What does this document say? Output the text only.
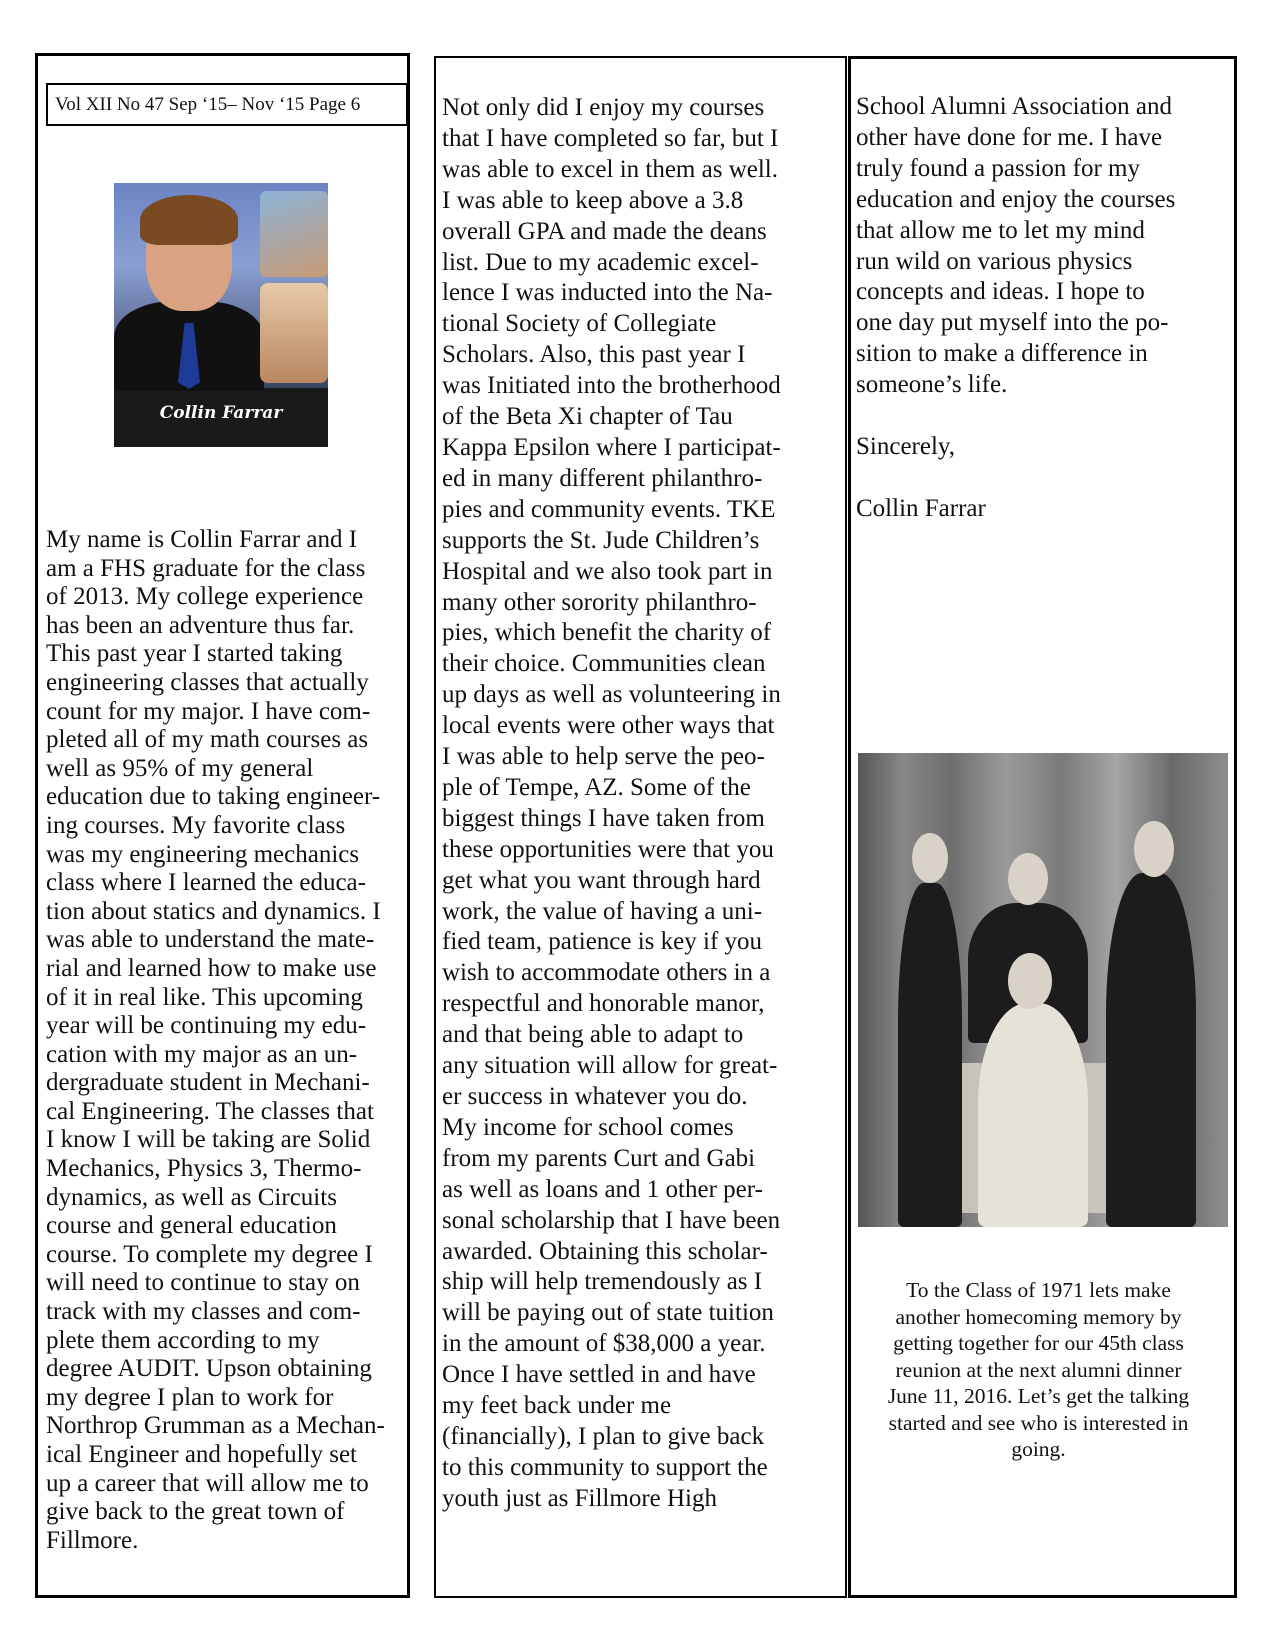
Vol XII No 47 Sep ‘15– Nov ‘15 Page 6
Collin Farrar
My name is Collin Farrar and I
am a FHS graduate for the class
of 2013. My college experience
has been an adventure thus far.
This past year I started taking
engineering classes that actually
count for my major. I have com-
pleted all of my math courses as
well as 95% of my general
education due to taking engineer-
ing courses. My favorite class
was my engineering mechanics
class where I learned the educa-
tion about statics and dynamics. I
was able to understand the mate-
rial and learned how to make use
of it in real like. This upcoming
year will be continuing my edu-
cation with my major as an un-
dergraduate student in Mechani-
cal Engineering. The classes that
I know I will be taking are Solid
Mechanics, Physics 3, Thermo-
dynamics, as well as Circuits
course and general education
course. To complete my degree I
will need to continue to stay on
track with my classes and com-
plete them according to my
degree AUDIT. Upson obtaining
my degree I plan to work for
Northrop Grumman as a Mechan-
ical Engineer and hopefully set
up a career that will allow me to
give back to the great town of
Fillmore.
Not only did I enjoy my courses
that I have completed so far, but I
was able to excel in them as well.
I was able to keep above a 3.8
overall GPA and made the deans
list. Due to my academic excel-
lence I was inducted into the Na-
tional Society of Collegiate
Scholars. Also, this past year I
was Initiated into the brotherhood
of the Beta Xi chapter of Tau
Kappa Epsilon where I participat-
ed in many different philanthro-
pies and community events. TKE
supports the St. Jude Children’s
Hospital and we also took part in
many other sorority philanthro-
pies, which benefit the charity of
their choice. Communities clean
up days as well as volunteering in
local events were other ways that
I was able to help serve the peo-
ple of Tempe, AZ. Some of the
biggest things I have taken from
these opportunities were that you
get what you want through hard
work, the value of having a uni-
fied team, patience is key if you
wish to accommodate others in a
respectful and honorable manor,
and that being able to adapt to
any situation will allow for great-
er success in whatever you do.
My income for school comes
from my parents Curt and Gabi
as well as loans and 1 other per-
sonal scholarship that I have been
awarded. Obtaining this scholar-
ship will help tremendously as I
will be paying out of state tuition
in the amount of $38,000 a year.
Once I have settled in and have
my feet back under me
(financially), I plan to give back
to this community to support the
youth just as Fillmore High
School Alumni Association and
other have done for me. I have
truly found a passion for my
education and enjoy the courses
that allow me to let my mind
run wild on various physics
concepts and ideas. I hope to
one day put myself into the po-
sition to make a difference in
someone’s life.
Sincerely,
Collin Farrar
To the Class of 1971 lets make
another homecoming memory by
getting together for our 45th class
reunion at the next alumni dinner
June 11, 2016. Let’s get the talking
started and see who is interested in
going.
